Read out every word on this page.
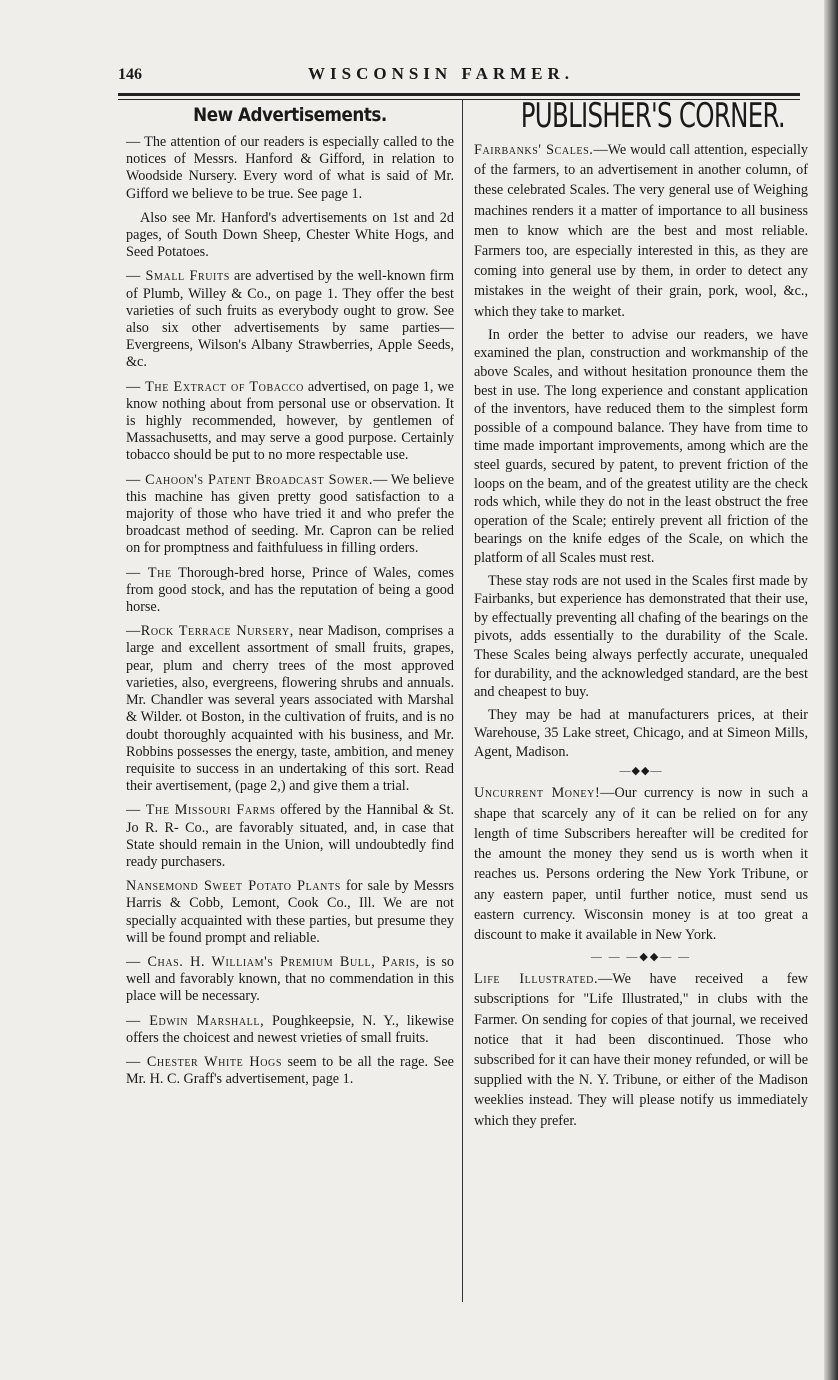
146	WISCONSIN FARMER.
New Advertisements.

— The attention of our readers is especially called to the notices of Messrs. Hanford & Gifford, in relation to Woodside Nursery. Every word of what is said of Mr. Gifford we believe to be true. See page 1.

Also see Mr. Hanford's advertisements on 1st and 2d pages, of South Down Sheep, Chester White Hogs, and Seed Potatoes.

— Small Fruits are advertised by the well-known firm of Plumb, Willey & Co., on page 1. They offer the best varieties of such fruits as everybody ought to grow. See also six other advertisements by same parties—Evergreens, Wilson's Albany Strawberries, Apple Seeds, &c.

— The Extract of Tobacco advertised, on page 1, we know nothing about from personal use or observation. It is highly recommended, however, by gentlemen of Massachusetts, and may serve a good purpose. Certainly tobacco should be put to no more respectable use.

— Cahoon's Patent Broadcast Sower.— We believe this machine has given pretty good satisfaction to a majority of those who have tried it and who prefer the broadcast method of seeding. Mr. Capron can be relied on for promptness and faithfuluess in filling orders.

— The Thorough-bred horse, Prince of Wales, comes from good stock, and has the reputation of being a good horse.

—Rock Terrace Nursery, near Madison, comprises a large and excellent assortment of small fruits, grapes, pear, plum and cherry trees of the most approved varieties, also, evergreens, flowering shrubs and annuals. Mr. Chandler was several years associated with Marshal & Wilder. ot Boston, in the cultivation of fruits, and is no doubt thoroughly acquainted with his business, and Mr. Robbins possesses the energy, taste, ambition, and meney requisite to success in an undertaking of this sort. Read their avertisement, (page 2,) and give them a trial.

— The Missouri Farms offered by the Hannibal & St. Jo R. R- Co., are favorably situated, and, in case that State should remain in the Union, will undoubtedly find ready purchasers.

Nansemond Sweet Potato Plants for sale by Messrs Harris & Cobb, Lemont, Cook Co., Ill. We are not specially acquainted with these parties, but presume they will be found prompt and reliable.

— Chas. H. William's Premium Bull, Paris, is so well and favorably known, that no commendation in this place will be necessary.

— Edwin Marshall, Poughkeepsie, N. Y., likewise offers the choicest and newest vrieties of small fruits.

— Chester White Hogs seem to be all the rage. See Mr. H. C. Graff's advertisement, page 1.

PUBLISHER'S CORNER.

Fairbanks' Scales.—We would call attention, especially of the farmers, to an advertisement in another column, of these celebrated Scales. The very general use of Weighing machines renders it a matter of importance to all business men to know which are the best and most reliable. Farmers too, are especially interested in this, as they are coming into general use by them, in order to detect any mistakes in the weight of their grain, pork, wool, &c., which they take to market.

In order the better to advise our readers, we have examined the plan, construction and workmanship of the above Scales, and without hesitation pronounce them the best in use. The long experience and constant application of the inventors, have reduced them to the simplest form possible of a compound balance. They have from time to time made important improvements, among which are the steel guards, secured by patent, to prevent friction of the loops on the beam, and of the greatest utility are the check rods which, while they do not in the least obstruct the free operation of the Scale; entirely prevent all friction of the bearings on the knife edges of the Scale, on which the platform of all Scales must rest.

These stay rods are not used in the Scales first made by Fairbanks, but experience has demonstrated that their use, by effectually preventing all chafing of the bearings on the pivots, adds essentially to the durability of the Scale. These Scales being always perfectly accurate, unequaled for durability, and the acknowledged standard, are the best and cheapest to buy.

They may be had at manufacturers prices, at their Warehouse, 35 Lake street, Chicago, and at Simeon Mills, Agent, Madison.

—◆◆—

Uncurrent Money!—Our currency is now in such a shape that scarcely any of it can be relied on for any length of time Subscribers hereafter will be credited for the amount the money they send us is worth when it reaches us. Persons ordering the New York Tribune, or any eastern paper, until further notice, must send us eastern currency. Wisconsin money is at too great a discount to make it available in New York.

— — —◆◆— —

Life Illustrated.—We have received a few subscriptions for "Life Illustrated," in clubs with the Farmer. On sending for copies of that journal, we received notice that it had been discontinued. Those who subscribed for it can have their money refunded, or will be supplied with the N. Y. Tribune, or either of the Madison weeklies instead. They will please notify us immediately which they prefer.
